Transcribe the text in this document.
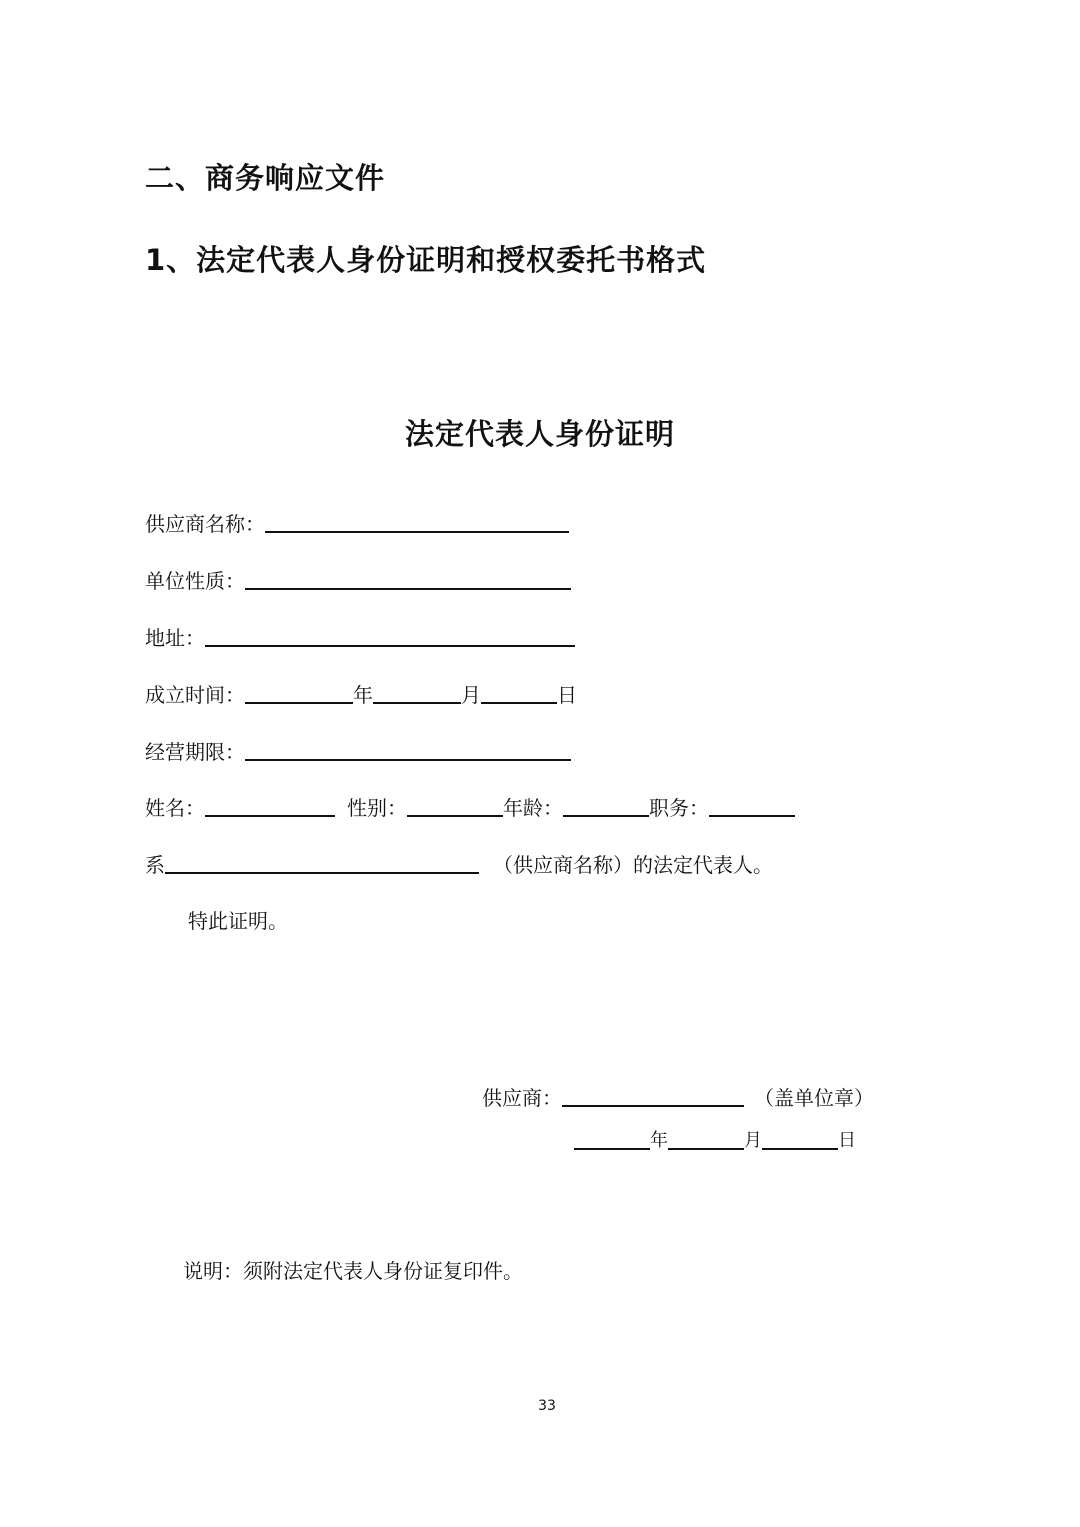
二、商务响应文件
1、法定代表人身份证明和授权委托书格式
法定代表人身份证明
供应商名称：
单位性质：
地址：
成立时间：	年	月	日
经营期限：
姓名：	性别：	年龄：	职务：
系	（供应商名称）的法定代表人。
特此证明。
供应商：	（盖单位章）
年	月	日
说明：须附法定代表人身份证复印件。
33
